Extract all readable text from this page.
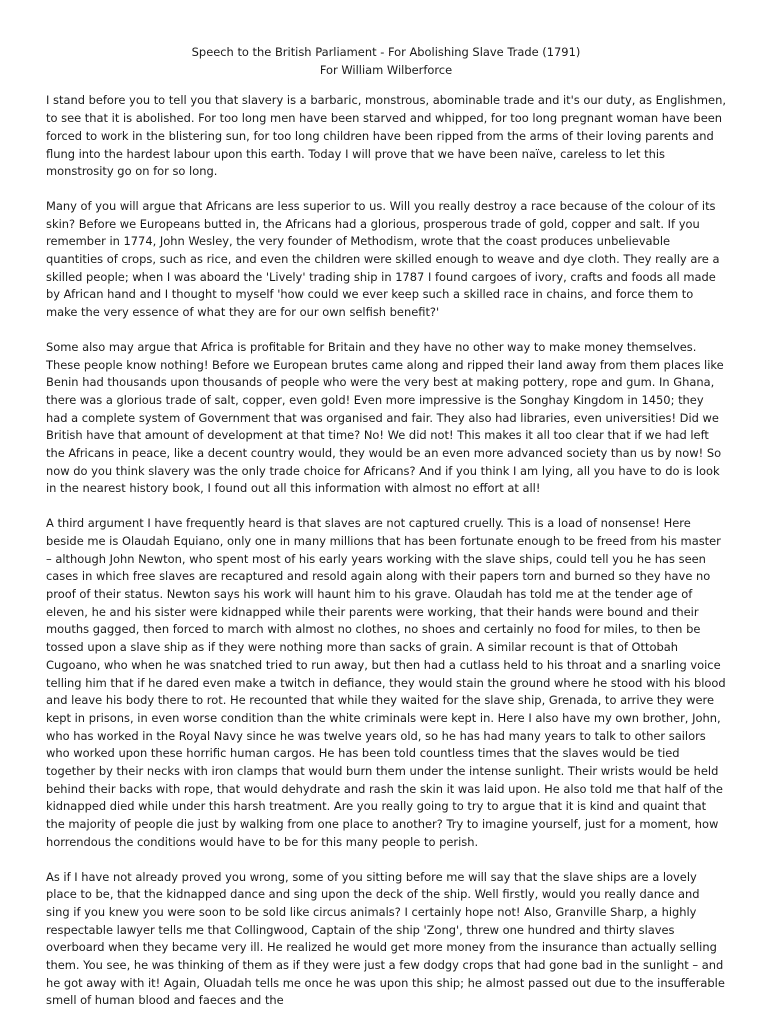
Speech to the British Parliament - For Abolishing Slave Trade (1791)
For William Wilberforce

I stand before you to tell you that slavery is a barbaric, monstrous, abominable trade and it's our duty, as Englishmen, to see that it is abolished. For too long men have been starved and whipped, for too long pregnant woman have been forced to work in the blistering sun, for too long children have been ripped from the arms of their loving parents and flung into the hardest labour upon this earth. Today I will prove that we have been naïve, careless to let this monstrosity go on for so long.

Many of you will argue that Africans are less superior to us. Will you really destroy a race because of the colour of its skin? Before we Europeans butted in, the Africans had a glorious, prosperous trade of gold, copper and salt. If you remember in 1774, John Wesley, the very founder of Methodism, wrote that the coast produces unbelievable quantities of crops, such as rice, and even the children were skilled enough to weave and dye cloth. They really are a skilled people; when I was aboard the 'Lively' trading ship in 1787 I found cargoes of ivory, crafts and foods all made by African hand and I thought to myself 'how could we ever keep such a skilled race in chains, and force them to make the very essence of what they are for our own selfish benefit?'

Some also may argue that Africa is profitable for Britain and they have no other way to make money themselves. These people know nothing! Before we European brutes came along and ripped their land away from them places like Benin had thousands upon thousands of people who were the very best at making pottery, rope and gum. In Ghana, there was a glorious trade of salt, copper, even gold! Even more impressive is the Songhay Kingdom in 1450; they had a complete system of Government that was organised and fair. They also had libraries, even universities! Did we British have that amount of development at that time? No! We did not! This makes it all too clear that if we had left the Africans in peace, like a decent country would, they would be an even more advanced society than us by now! So now do you think slavery was the only trade choice for Africans? And if you think I am lying, all you have to do is look in the nearest history book, I found out all this information with almost no effort at all!

A third argument I have frequently heard is that slaves are not captured cruelly. This is a load of nonsense! Here beside me is Olaudah Equiano, only one in many millions that has been fortunate enough to be freed from his master – although John Newton, who spent most of his early years working with the slave ships, could tell you he has seen cases in which free slaves are recaptured and resold again along with their papers torn and burned so they have no proof of their status. Newton says his work will haunt him to his grave. Olaudah has told me at the tender age of eleven, he and his sister were kidnapped while their parents were working, that their hands were bound and their mouths gagged, then forced to march with almost no clothes, no shoes and certainly no food for miles, to then be tossed upon a slave ship as if they were nothing more than sacks of grain. A similar recount is that of Ottobah Cugoano, who when he was snatched tried to run away, but then had a cutlass held to his throat and a snarling voice telling him that if he dared even make a twitch in defiance, they would stain the ground where he stood with his blood and leave his body there to rot. He recounted that while they waited for the slave ship, Grenada, to arrive they were kept in prisons, in even worse condition than the white criminals were kept in. Here I also have my own brother, John, who has worked in the Royal Navy since he was twelve years old, so he has had many years to talk to other sailors who worked upon these horrific human cargos. He has been told countless times that the slaves would be tied together by their necks with iron clamps that would burn them under the intense sunlight. Their wrists would be held behind their backs with rope, that would dehydrate and rash the skin it was laid upon. He also told me that half of the kidnapped died while under this harsh treatment. Are you really going to try to argue that it is kind and quaint that the majority of people die just by walking from one place to another? Try to imagine yourself, just for a moment, how horrendous the conditions would have to be for this many people to perish.

As if I have not already proved you wrong, some of you sitting before me will say that the slave ships are a lovely place to be, that the kidnapped dance and sing upon the deck of the ship. Well firstly, would you really dance and sing if you knew you were soon to be sold like circus animals? I certainly hope not! Also, Granville Sharp, a highly respectable lawyer tells me that Collingwood, Captain of the ship 'Zong', threw one hundred and thirty slaves overboard when they became very ill. He realized he would get more money from the insurance than actually selling them. You see, he was thinking of them as if they were just a few dodgy crops that had gone bad in the sunlight – and he got away with it! Again, Oluadah tells me once he was upon this ship; he almost passed out due to the insufferable smell of human blood and faeces and the
